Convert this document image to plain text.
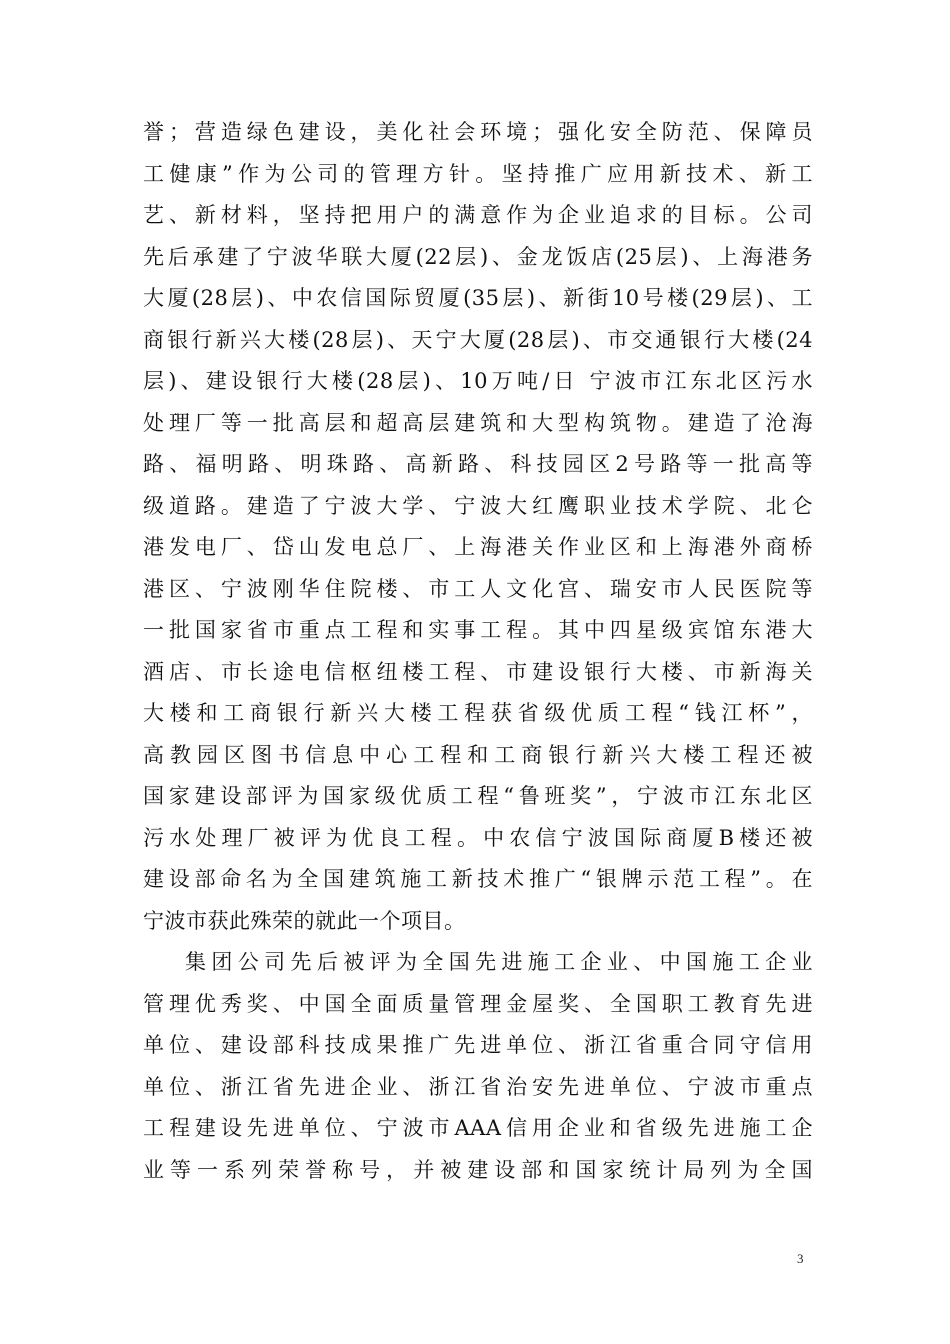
誉；营造绿色建设，美化社会环境；强化安全防范、保障员
工健康”作为公司的管理方针。坚持推广应用新技术、新工
艺、新材料，坚持把用户的满意作为企业追求的目标。公司
先后承建了宁波华联大厦(22层)、金龙饭店(25层)、上海港务
大厦(28层)、中农信国际贸厦(35层)、新街10号楼(29层)、工
商银行新兴大楼(28层)、天宁大厦(28层)、市交通银行大楼(24
层)、建设银行大楼(28层)、10万吨/日 宁波市江东北区污水
处理厂等一批高层和超高层建筑和大型构筑物。建造了沧海
路、福明路、明珠路、高新路、科技园区2号路等一批高等
级道路。建造了宁波大学、宁波大红鹰职业技术学院、北仑
港发电厂、岱山发电总厂、上海港关作业区和上海港外商桥
港区、宁波刚华住院楼、市工人文化宫、瑞安市人民医院等
一批国家省市重点工程和实事工程。其中四星级宾馆东港大
酒店、市长途电信枢纽楼工程、市建设银行大楼、市新海关
大楼和工商银行新兴大楼工程获省级优质工程“钱江杯”，
高教园区图书信息中心工程和工商银行新兴大楼工程还被
国家建设部评为国家级优质工程“鲁班奖”，宁波市江东北区
污水处理厂被评为优良工程。中农信宁波国际商厦B楼还被
建设部命名为全国建筑施工新技术推广“银牌示范工程”。在
宁波市获此殊荣的就此一个项目。
集团公司先后被评为全国先进施工企业、中国施工企业
管理优秀奖、中国全面质量管理金屋奖、全国职工教育先进
单位、建设部科技成果推广先进单位、浙江省重合同守信用
单位、浙江省先进企业、浙江省治安先进单位、宁波市重点
工程建设先进单位、宁波市AAA信用企业和省级先进施工企
业等一系列荣誉称号，并被建设部和国家统计局列为全国
3
